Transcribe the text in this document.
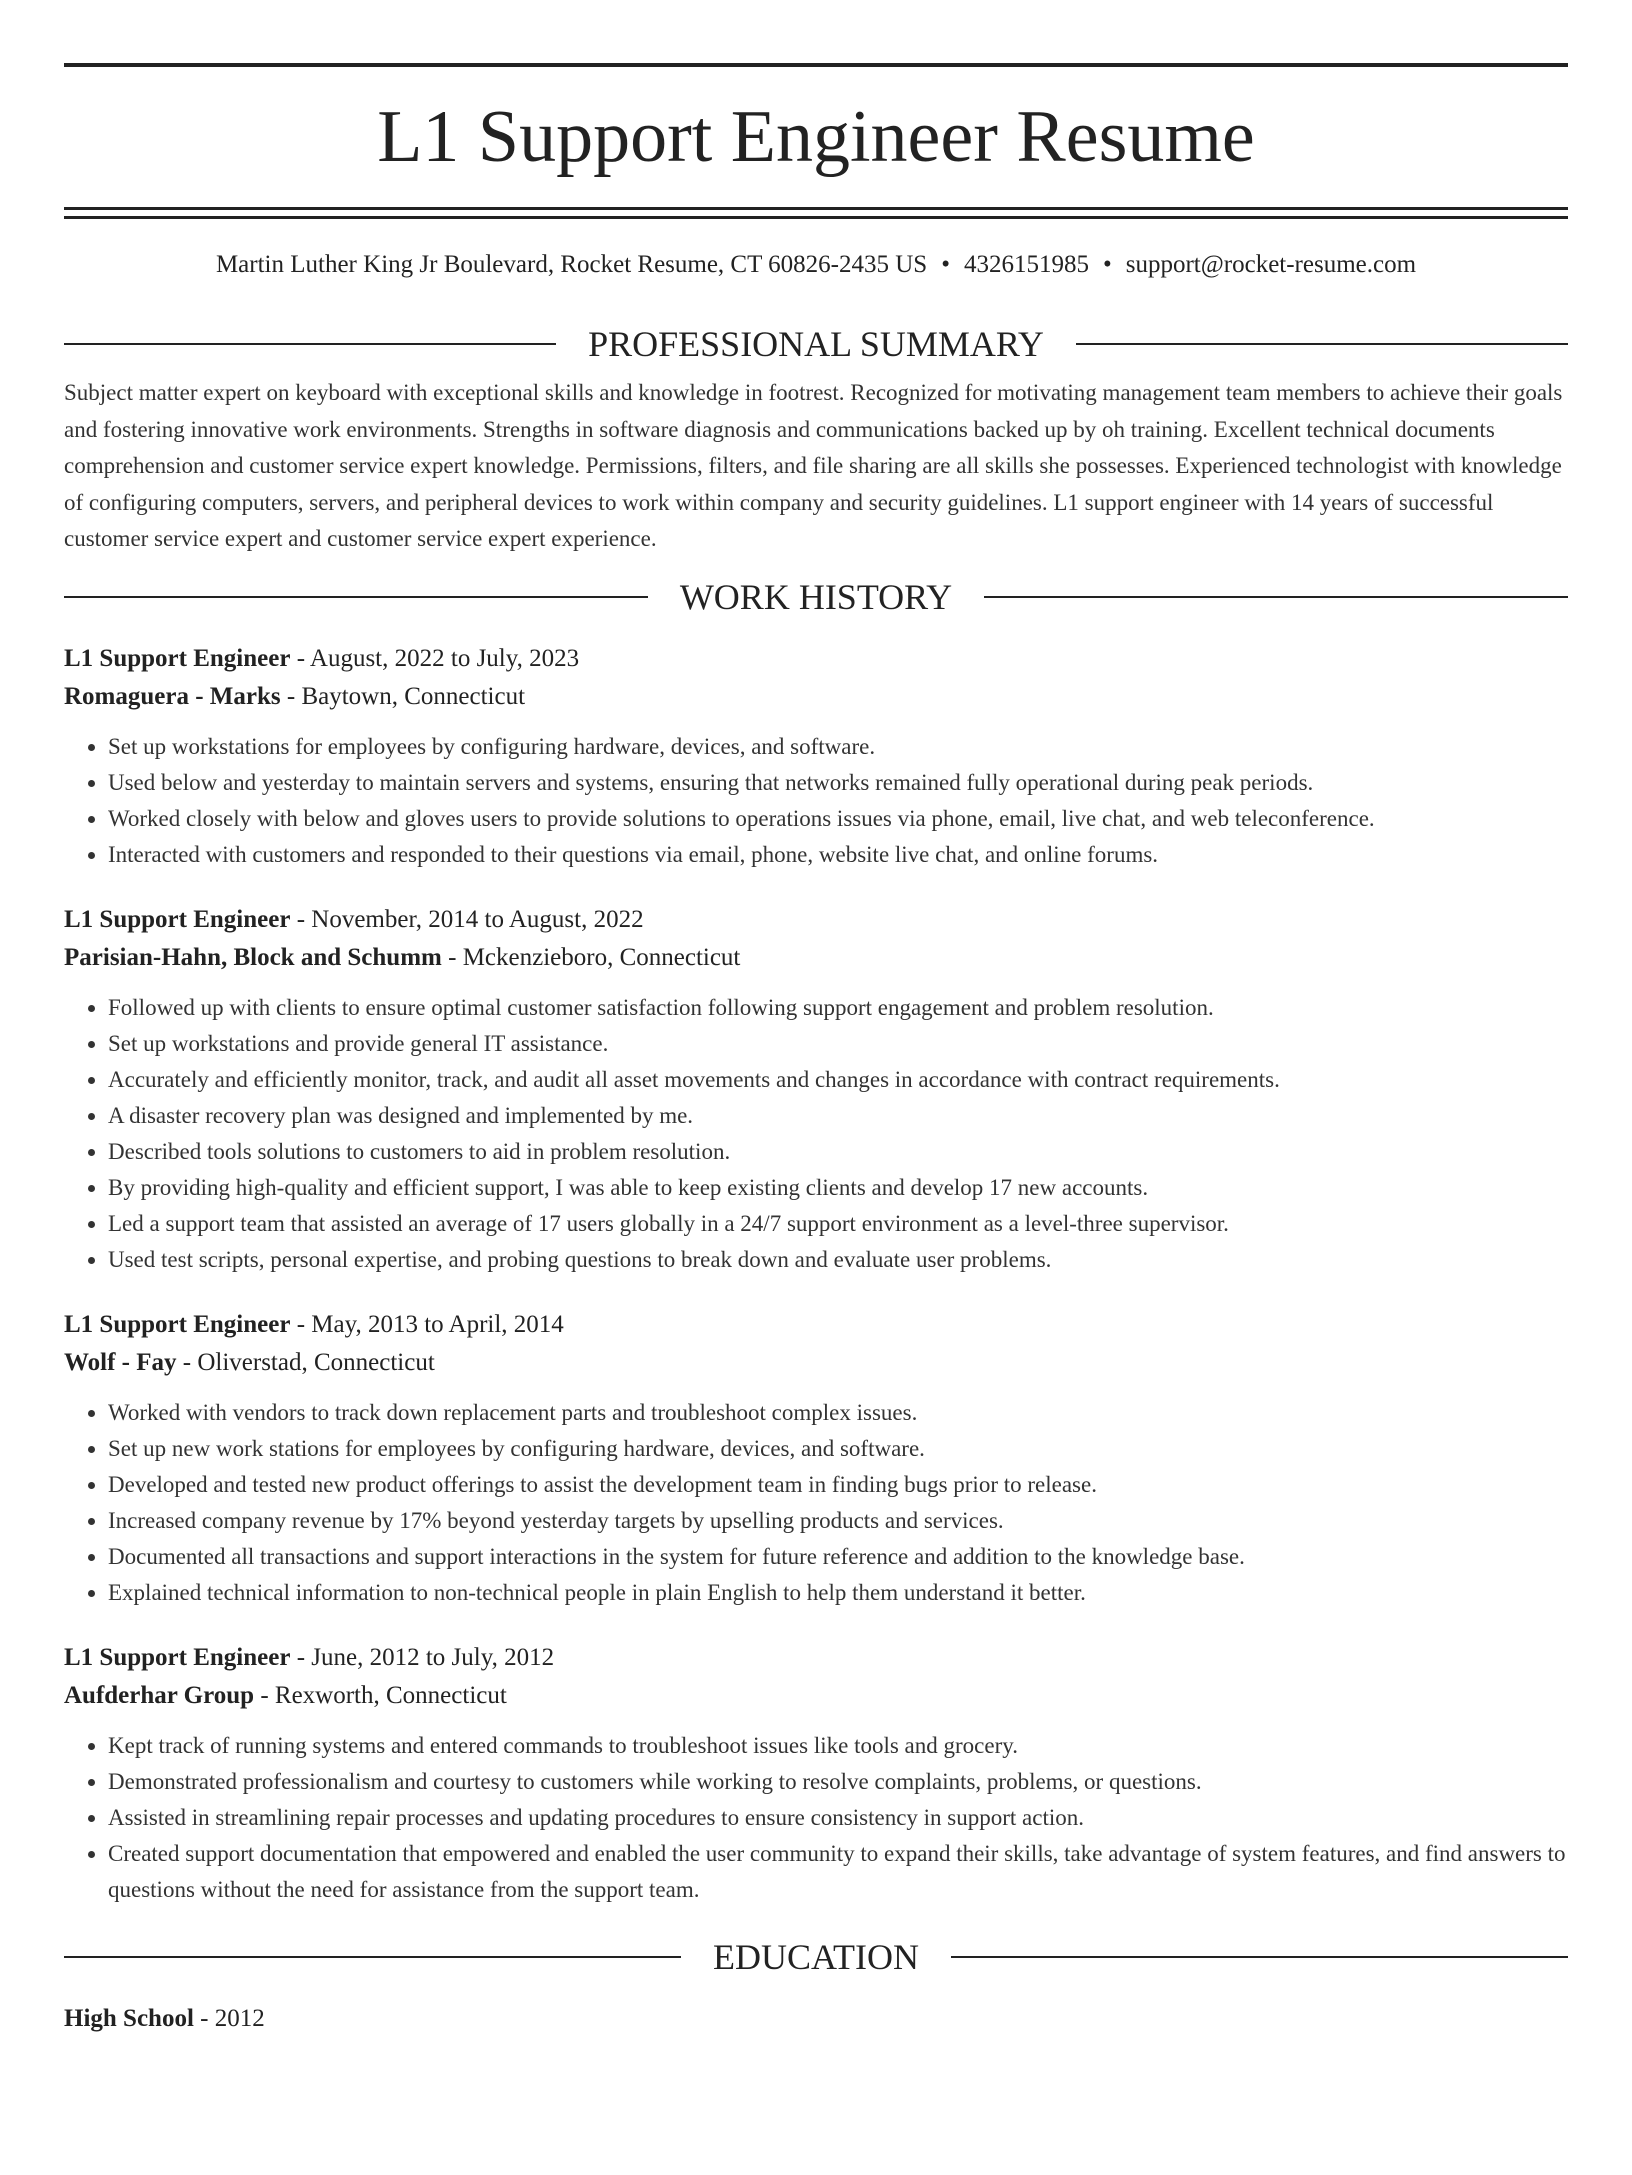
L1 Support Engineer Resume
Martin Luther King Jr Boulevard, Rocket Resume, CT 60826-2435 US • 4326151985 • support@rocket-resume.com
PROFESSIONAL SUMMARY

Subject matter expert on keyboard with exceptional skills and knowledge in footrest. Recognized for motivating management team members to achieve their goals and fostering innovative work environments. Strengths in software diagnosis and communications backed up by oh training. Excellent technical documents comprehension and customer service expert knowledge. Permissions, filters, and file sharing are all skills she possesses. Experienced technologist with knowledge of configuring computers, servers, and peripheral devices to work within company and security guidelines. L1 support engineer with 14 years of successful customer service expert and customer service expert experience.

WORK HISTORY
L1 Support Engineer - August, 2022 to July, 2023
Romaguera - Marks - Baytown, Connecticut
• Set up workstations for employees by configuring hardware, devices, and software.
• Used below and yesterday to maintain servers and systems, ensuring that networks remained fully operational during peak periods.
• Worked closely with below and gloves users to provide solutions to operations issues via phone, email, live chat, and web teleconference.
• Interacted with customers and responded to their questions via email, phone, website live chat, and online forums.
L1 Support Engineer - November, 2014 to August, 2022
Parisian-Hahn, Block and Schumm - Mckenzieboro, Connecticut
• Followed up with clients to ensure optimal customer satisfaction following support engagement and problem resolution.
• Set up workstations and provide general IT assistance.
• Accurately and efficiently monitor, track, and audit all asset movements and changes in accordance with contract requirements.
• A disaster recovery plan was designed and implemented by me.
• Described tools solutions to customers to aid in problem resolution.
• By providing high-quality and efficient support, I was able to keep existing clients and develop 17 new accounts.
• Led a support team that assisted an average of 17 users globally in a 24/7 support environment as a level-three supervisor.
• Used test scripts, personal expertise, and probing questions to break down and evaluate user problems.
L1 Support Engineer - May, 2013 to April, 2014
Wolf - Fay - Oliverstad, Connecticut
• Worked with vendors to track down replacement parts and troubleshoot complex issues.
• Set up new work stations for employees by configuring hardware, devices, and software.
• Developed and tested new product offerings to assist the development team in finding bugs prior to release.
• Increased company revenue by 17% beyond yesterday targets by upselling products and services.
• Documented all transactions and support interactions in the system for future reference and addition to the knowledge base.
• Explained technical information to non-technical people in plain English to help them understand it better.
L1 Support Engineer - June, 2012 to July, 2012
Aufderhar Group - Rexworth, Connecticut
• Kept track of running systems and entered commands to troubleshoot issues like tools and grocery.
• Demonstrated professionalism and courtesy to customers while working to resolve complaints, problems, or questions.
• Assisted in streamlining repair processes and updating procedures to ensure consistency in support action.
• Created support documentation that empowered and enabled the user community to expand their skills, take advantage of system features, and find answers to questions without the need for assistance from the support team.
EDUCATION
High School - 2012
